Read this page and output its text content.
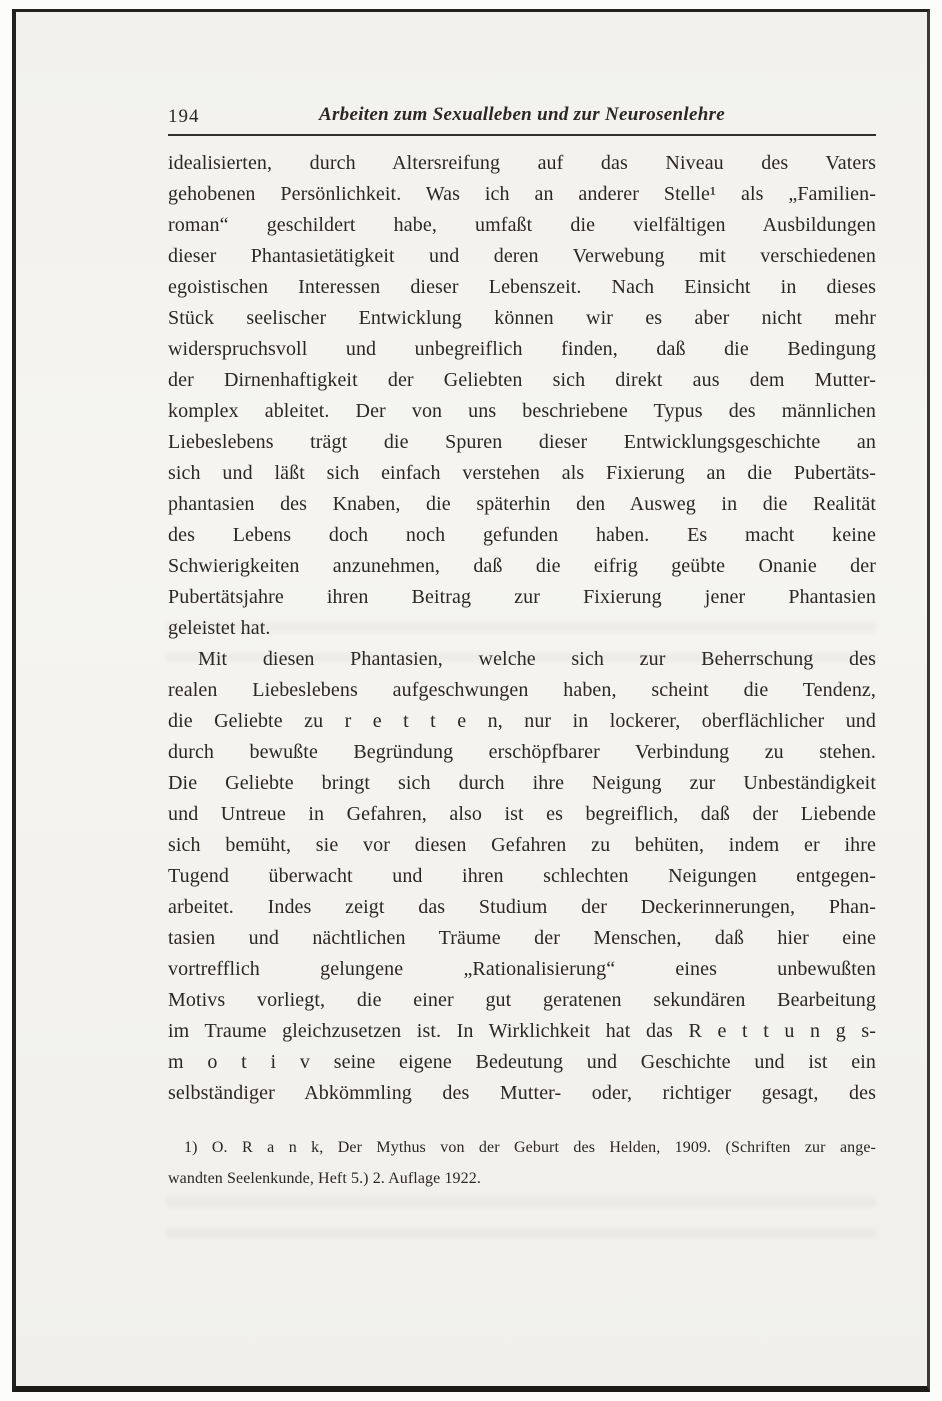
194	Arbeiten zum Sexualleben und zur Neurosenlehre
idealisierten, durch Altersreifung auf das Niveau des Vaters
gehobenen Persönlichkeit. Was ich an anderer Stelle¹ als „Familien-
roman“ geschildert habe, umfaßt die vielfältigen Ausbildungen
dieser Phantasietätigkeit und deren Verwebung mit verschiedenen
egoistischen Interessen dieser Lebenszeit. Nach Einsicht in dieses
Stück seelischer Entwicklung können wir es aber nicht mehr
widerspruchsvoll und unbegreiflich finden, daß die Bedingung
der Dirnenhaftigkeit der Geliebten sich direkt aus dem Mutter-
komplex ableitet. Der von uns beschriebene Typus des männlichen
Liebeslebens trägt die Spuren dieser Entwicklungsgeschichte an
sich und läßt sich einfach verstehen als Fixierung an die Pubertäts-
phantasien des Knaben, die späterhin den Ausweg in die Realität
des Lebens doch noch gefunden haben. Es macht keine
Schwierigkeiten anzunehmen, daß die eifrig geübte Onanie der
Pubertätsjahre ihren Beitrag zur Fixierung jener Phantasien
geleistet hat.
Mit diesen Phantasien, welche sich zur Beherrschung des
realen Liebeslebens aufgeschwungen haben, scheint die Tendenz,
die Geliebte zu r e t t e n, nur in lockerer, oberflächlicher und
durch bewußte Begründung erschöpfbarer Verbindung zu stehen.
Die Geliebte bringt sich durch ihre Neigung zur Unbeständigkeit
und Untreue in Gefahren, also ist es begreiflich, daß der Liebende
sich bemüht, sie vor diesen Gefahren zu behüten, indem er ihre
Tugend überwacht und ihren schlechten Neigungen entgegen-
arbeitet. Indes zeigt das Studium der Deckerinnerungen, Phan-
tasien und nächtlichen Träume der Menschen, daß hier eine
vortrefflich gelungene „Rationalisierung“ eines unbewußten
Motivs vorliegt, die einer gut geratenen sekundären Bearbeitung
im Traume gleichzusetzen ist. In Wirklichkeit hat das R e t t u n g s-
m o t i v seine eigene Bedeutung und Geschichte und ist ein
selbständiger Abkömmling des Mutter- oder, richtiger gesagt, des
1) O. R a n k, Der Mythus von der Geburt des Helden, 1909. (Schriften zur ange-
wandten Seelenkunde, Heft 5.) 2. Auflage 1922.
